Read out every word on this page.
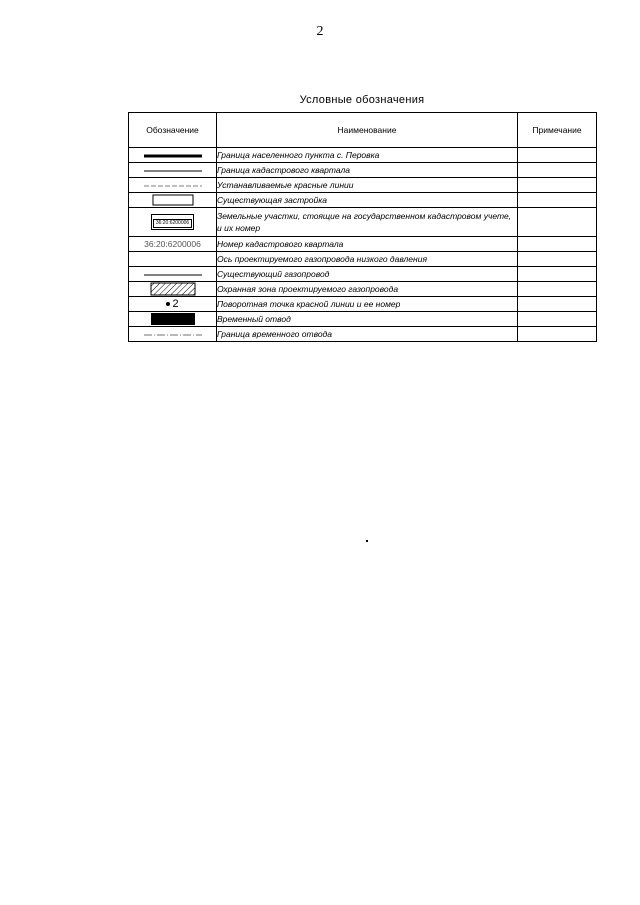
2
Условные обозначения
Обозначение	Наименование	Примечание
	Граница населенного пункта с. Перовка	
	Граница кадастрового квартала	
	Устанавливаемые красные линии	
	Существующая застройка	
36:20:6200006	Земельные участки, стоящие на государственном кадастровом учете, и их номер	
36:20:6200006	Номер кадастрового квартала	
	Ось проектируемого газопровода низкого давления	
	Существующий газопровод	
	Охранная зона проектируемого газопровода	
2	Поворотная точка красной линии и ее номер	
	Временный отвод	
	Граница временного отвода	
